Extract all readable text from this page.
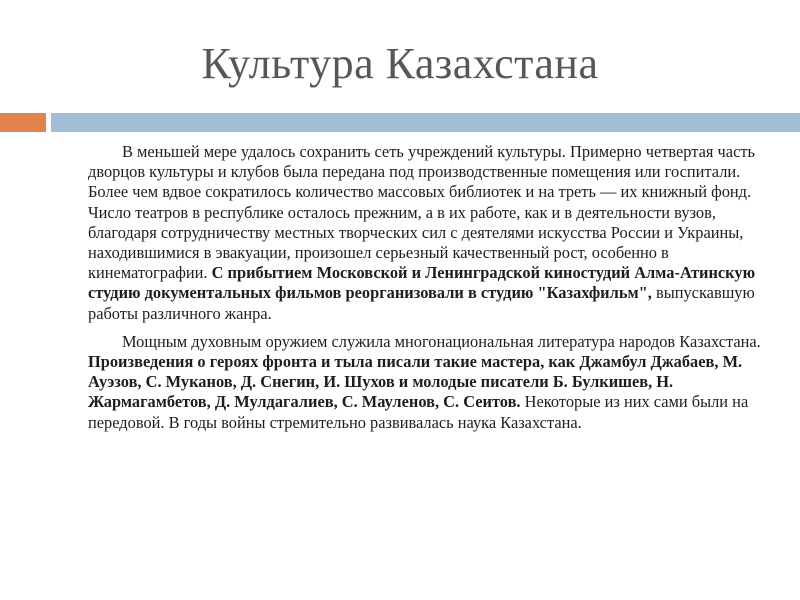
Культура Казахстана

В меньшей мере удалось сохранить сеть учреждений культуры. Примерно четвертая часть дворцов культуры и клубов была передана под производственные помещения или госпитали. Более чем вдвое сократилось количество массовых библиотек и на треть — их книжный фонд. Число театров в республике осталось прежним, а в их работе, как и в деятельности вузов, благодаря сотрудничеству местных творческих сил с деятелями искусства России и Украины, находившимися в эвакуации, произошел серьезный качественный рост, особенно в кинематографии. С прибытием Московской и Ленинградской киностудий Алма-Атинскую студию документальных фильмов реорганизовали в студию "Казахфильм", выпускавшую работы различного жанра.

Мощным духовным оружием служила многонациональная литература народов Казахстана. Произведения о героях фронта и тыла писали такие мастера, как Джамбул Джабаев, М. Ауэзов, С. Муканов, Д. Снегин, И. Шухов и молодые писатели Б. Булкишев, Н. Жармагамбетов, Д. Мулдагалиев, С. Мауленов, С. Сеитов. Некоторые из них сами были на передовой. В годы войны стремительно развивалась наука Казахстана.
